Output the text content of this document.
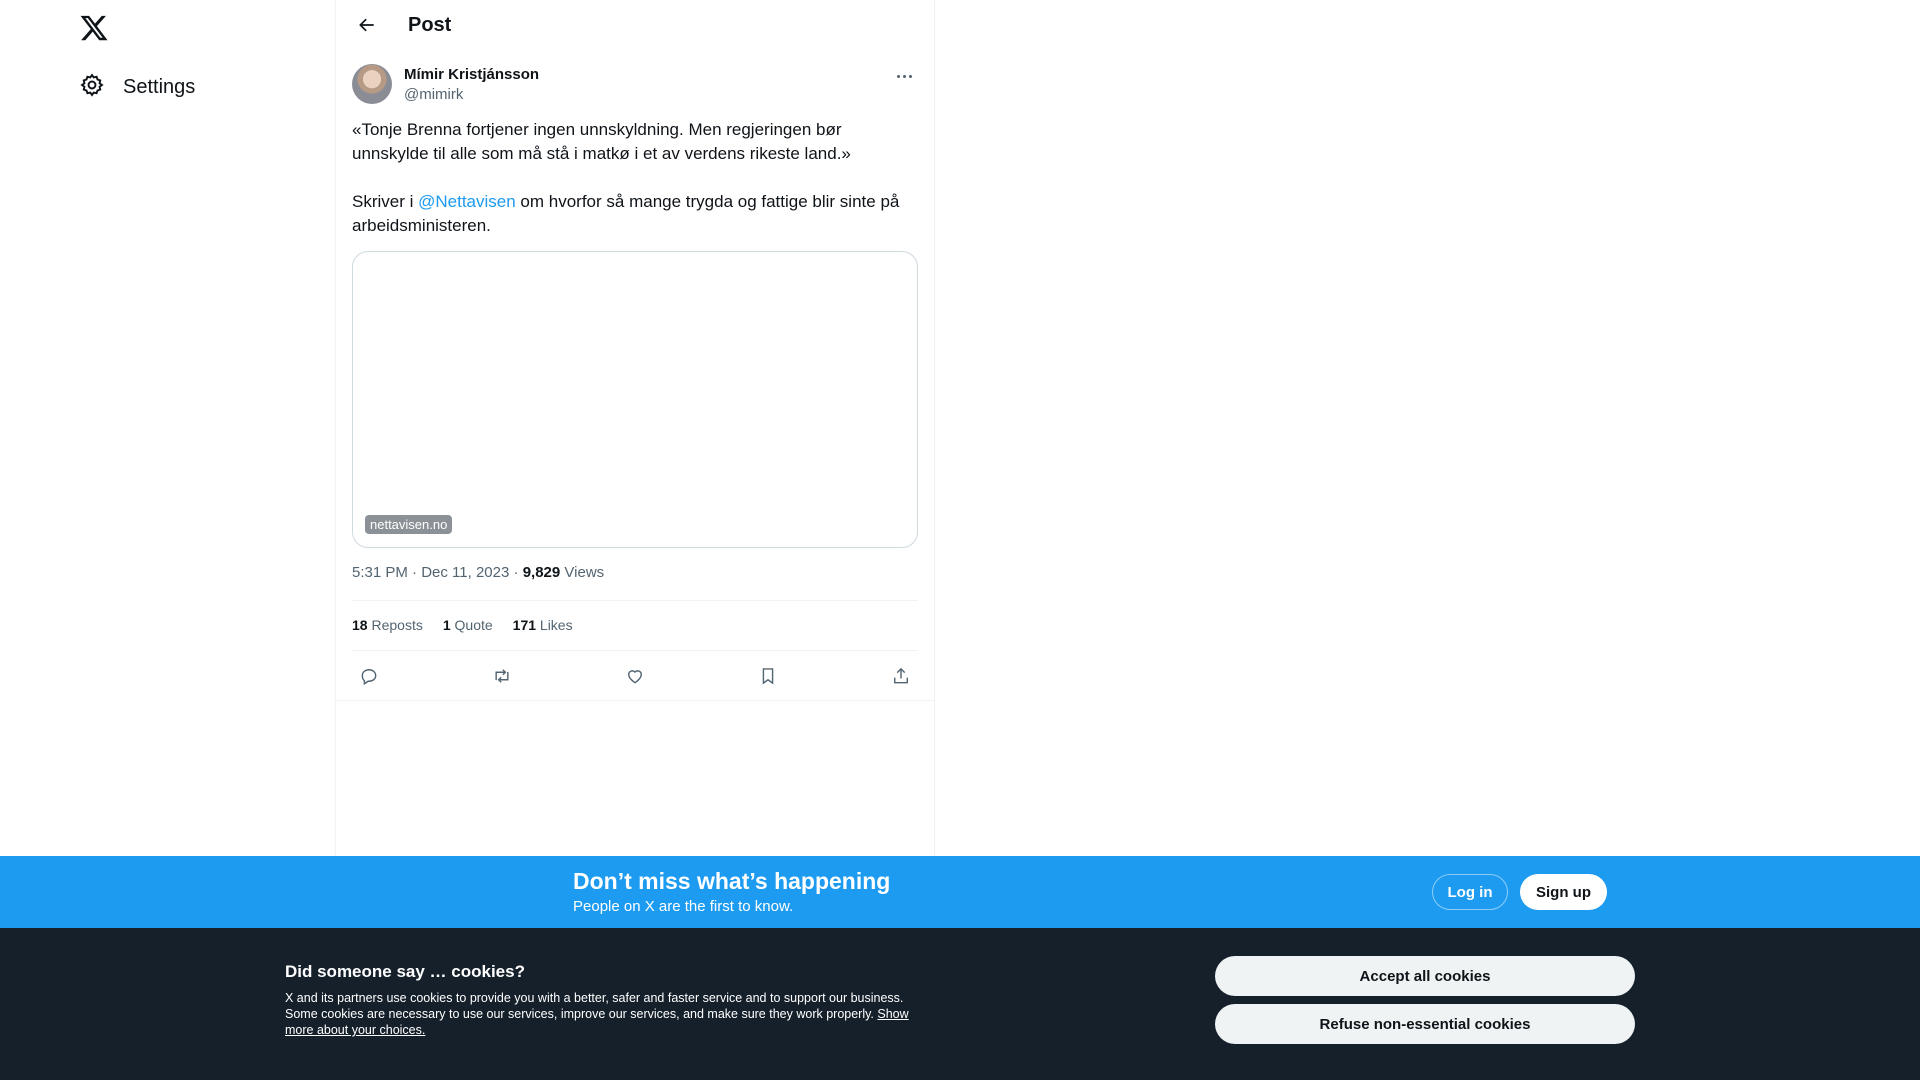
Settings
Post
Mímir Kristjánsson
@mimirk

«Tonje Brenna fortjener ingen unnskyldning. Men regjeringen bør unnskylde til alle som må stå i matkø i et av verdens rikeste land.»

Skriver i @Nettavisen om hvorfor så mange trygda og fattige blir sinte på arbeidsministeren.

nettavisen.no
5:31 PM · Dec 11, 2023 · 9,829 Views
18 Reposts 1 Quote 171 Likes
Don’t miss what’s happening
People on X are the first to know.
Log in	Sign up
Did someone say … cookies?
X and its partners use cookies to provide you with a better, safer and faster service and to support our business. Some cookies are necessary to use our services, improve our services, and make sure they work properly. Show more about your choices.
Accept all cookies
Refuse non-essential cookies
